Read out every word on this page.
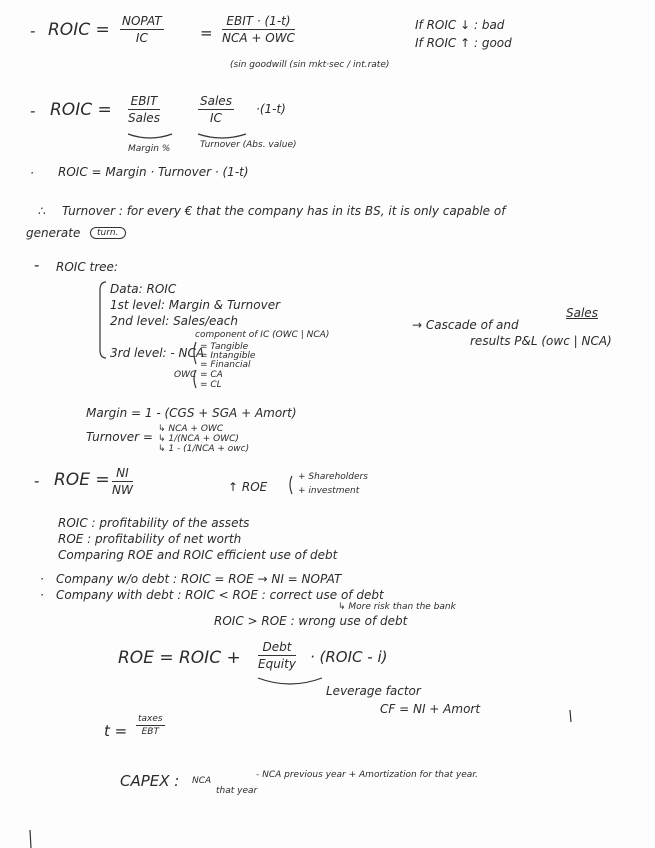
- ROIC = NOPAT
IC	=
EBIT · (1-t)
NCA + OWC
(sin goodwill (sin mkt·sec / int.rate)
If ROIC ↓ : bad
If ROIC ↑ : good
- ROIC = EBIT
Sales
Sales
IC
·(1-t)
Margin %	Turnover (Abs. value)
· ROIC = Margin · Turnover · (1-t)
∴ Turnover : for every € that the company has in its BS, it is only capable of
generate	turn.
- ROIC tree:
Data: ROIC
1st level: Margin & Turnover
2nd level: Sales/each
component of IC (OWC | NCA)
→ Cascade of and
Sales
results P&L (owc | NCA)
3rd level: - NCA
= Tangible
= Intangible
= Financial
OWC = CA
= CL
Margin = 1 - (CGS + SGA + Amort)
Turnover =
↳ NCA + OWC
↳ 1/(NCA + OWC)
↳ 1 - (1/NCA + owc)
- ROE = $\frac{NI}{NW}$	↑ ROE
+ Shareholders
+ investment
ROIC : profitability of the assets
ROE : profitability of net worth
Comparing ROE and ROIC efficient use of debt
· Company w/o debt : ROIC = ROE → NI = NOPAT
· Company with debt : ROIC < ROE : correct use of debt
↳ More risk than the bank
ROIC > ROE : wrong use of debt
ROE = ROIC +
Debt
Equity · (ROIC - i)
Leverage factor
CF = NI + Amort
t =
taxes
EBT
CAPEX : NCA
that year
- NCA previous year + Amortization for that year.
